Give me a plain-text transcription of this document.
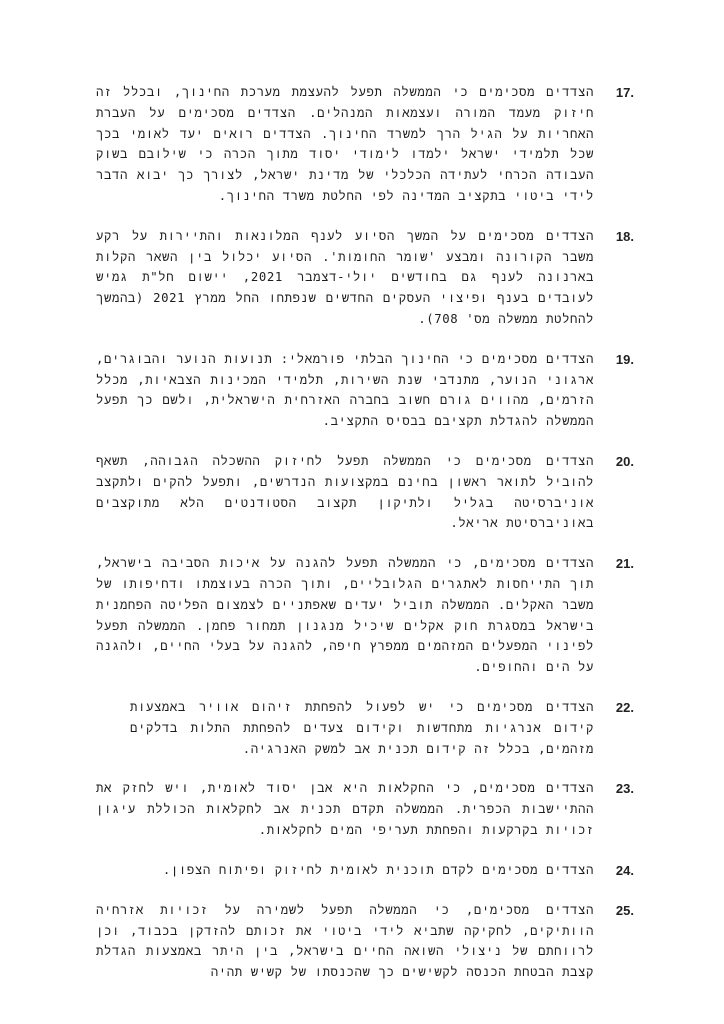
17.

הצדדים מסכימים כי הממשלה תפעל להעצמת מערכת החינוך, ובכלל זה חיזוק מעמד המורה ועצמאות המנהלים. הצדדים מסכימים על העברת האחריות על הגיל הרך למשרד החינוך. הצדדים רואים יעד לאומי בכך שכל תלמידי ישראל ילמדו לימודי יסוד מתוך הכרה כי שילובם בשוק העבודה הכרחי לעתידה הכלכלי של מדינת ישראל, לצורך כך יבוא הדבר לידי ביטוי בתקציב המדינה לפי החלטת משרד החינוך.

18.

הצדדים מסכימים על המשך הסיוע לענף המלונאות והתיירות על רקע משבר הקורונה ומבצע 'שומר החומות'. הסיוע יכלול בין השאר הקלות בארנונה לענף גם בחודשים יולי-דצמבר 2021, יישום חל"ת גמיש לעובדים בענף ופיצוי העסקים החדשים שנפתחו החל ממרץ 2021 (בהמשך להחלטת ממשלה מס' 708).

19.

הצדדים מסכימים כי החינוך הבלתי פורמאלי: תנועות הנוער והבוגרים, ארגוני הנוער, מתנדבי שנת השירות, תלמידי המכינות הצבאיות, מכלל הזרמים, מהווים גורם חשוב בחברה האזרחית הישראלית, ולשם כך תפעל הממשלה להגדלת תקציבם בבסיס התקציב.

20.

הצדדים מסכימים כי הממשלה תפעל לחיזוק ההשכלה הגבוהה, תשאף להוביל לתואר ראשון בחינם במקצועות הנדרשים, ותפעל להקים ולתקצב אוניברסיטה בגליל ולתיקון תקצוב הסטודנטים הלא מתוקצבים באוניברסיטת אריאל.

21.

הצדדים מסכימים, כי הממשלה תפעל להגנה על איכות הסביבה בישראל, תוך התייחסות לאתגרים הגלובליים, ותוך הכרה בעוצמתו ודחיפותו של משבר האקלים. הממשלה תוביל יעדים שאפתניים לצמצום הפליטה הפחמנית בישראל במסגרת חוק אקלים שיכיל מנגנון תמחור פחמן. הממשלה תפעל לפינוי המפעלים המזהמים ממפרץ חיפה, להגנה על בעלי החיים, ולהגנה על הים והחופים.

22.

הצדדים מסכימים כי יש לפעול להפחתת זיהום אוויר באמצעות קידום אנרגיות מתחדשות וקידום צעדים להפחתת התלות בדלקים מזהמים, בכלל זה קידום תכנית אב למשק האנרגיה.

23.

הצדדים מסכימים, כי החקלאות היא אבן יסוד לאומית, ויש לחזק את ההתיישבות הכפרית. הממשלה תקדם תכנית אב לחקלאות הכוללת עיגון זכויות בקרקעות והפחתת תעריפי המים לחקלאות.

24.

הצדדים מסכימים לקדם תוכנית לאומית לחיזוק ופיתוח הצפון.

25.

הצדדים מסכימים, כי הממשלה תפעל לשמירה על זכויות אזרחיה הוותיקים, לחקיקה שתביא לידי ביטוי את זכותם להזדקן בכבוד, וכן לרווחתם של ניצולי השואה החיים בישראל, בין היתר באמצעות הגדלת קצבת הבטחת הכנסה לקשישים כך שהכנסתו של קשיש תהיה
